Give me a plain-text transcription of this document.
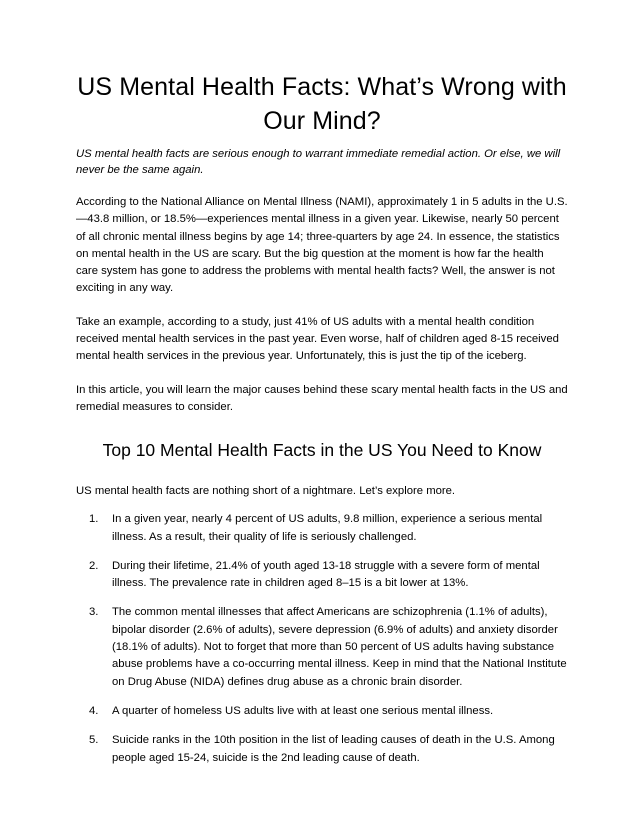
US Mental Health Facts: What’s Wrong with Our Mind?

US mental health facts are serious enough to warrant immediate remedial action. Or else, we will never be the same again.

According to the National Alliance on Mental Illness (NAMI), approximately 1 in 5 adults in the U.S.—43.8 million, or 18.5%—experiences mental illness in a given year. Likewise, nearly 50 percent of all chronic mental illness begins by age 14; three-quarters by age 24. In essence, the statistics on mental health in the US are scary. But the big question at the moment is how far the health care system has gone to address the problems with mental health facts? Well, the answer is not exciting in any way.

Take an example, according to a study, just 41% of US adults with a mental health condition received mental health services in the past year. Even worse, half of children aged 8-15 received mental health services in the previous year. Unfortunately, this is just the tip of the iceberg.

In this article, you will learn the major causes behind these scary mental health facts in the US and remedial measures to consider.

Top 10 Mental Health Facts in the US You Need to Know

US mental health facts are nothing short of a nightmare. Let’s explore more.

1. In a given year, nearly 4 percent of US adults, 9.8 million, experience a serious mental illness. As a result, their quality of life is seriously challenged.
2. During their lifetime, 21.4% of youth aged 13-18 struggle with a severe form of mental illness. The prevalence rate in children aged 8–15 is a bit lower at 13%.
3. The common mental illnesses that affect Americans are schizophrenia (1.1% of adults), bipolar disorder (2.6% of adults), severe depression (6.9% of adults) and anxiety disorder (18.1% of adults). Not to forget that more than 50 percent of US adults having substance abuse problems have a co-occurring mental illness. Keep in mind that the National Institute on Drug Abuse (NIDA) defines drug abuse as a chronic brain disorder.
4. A quarter of homeless US adults live with at least one serious mental illness.
5. Suicide ranks in the 10th position in the list of leading causes of death in the U.S. Among people aged 15-24, suicide is the 2nd leading cause of death.
